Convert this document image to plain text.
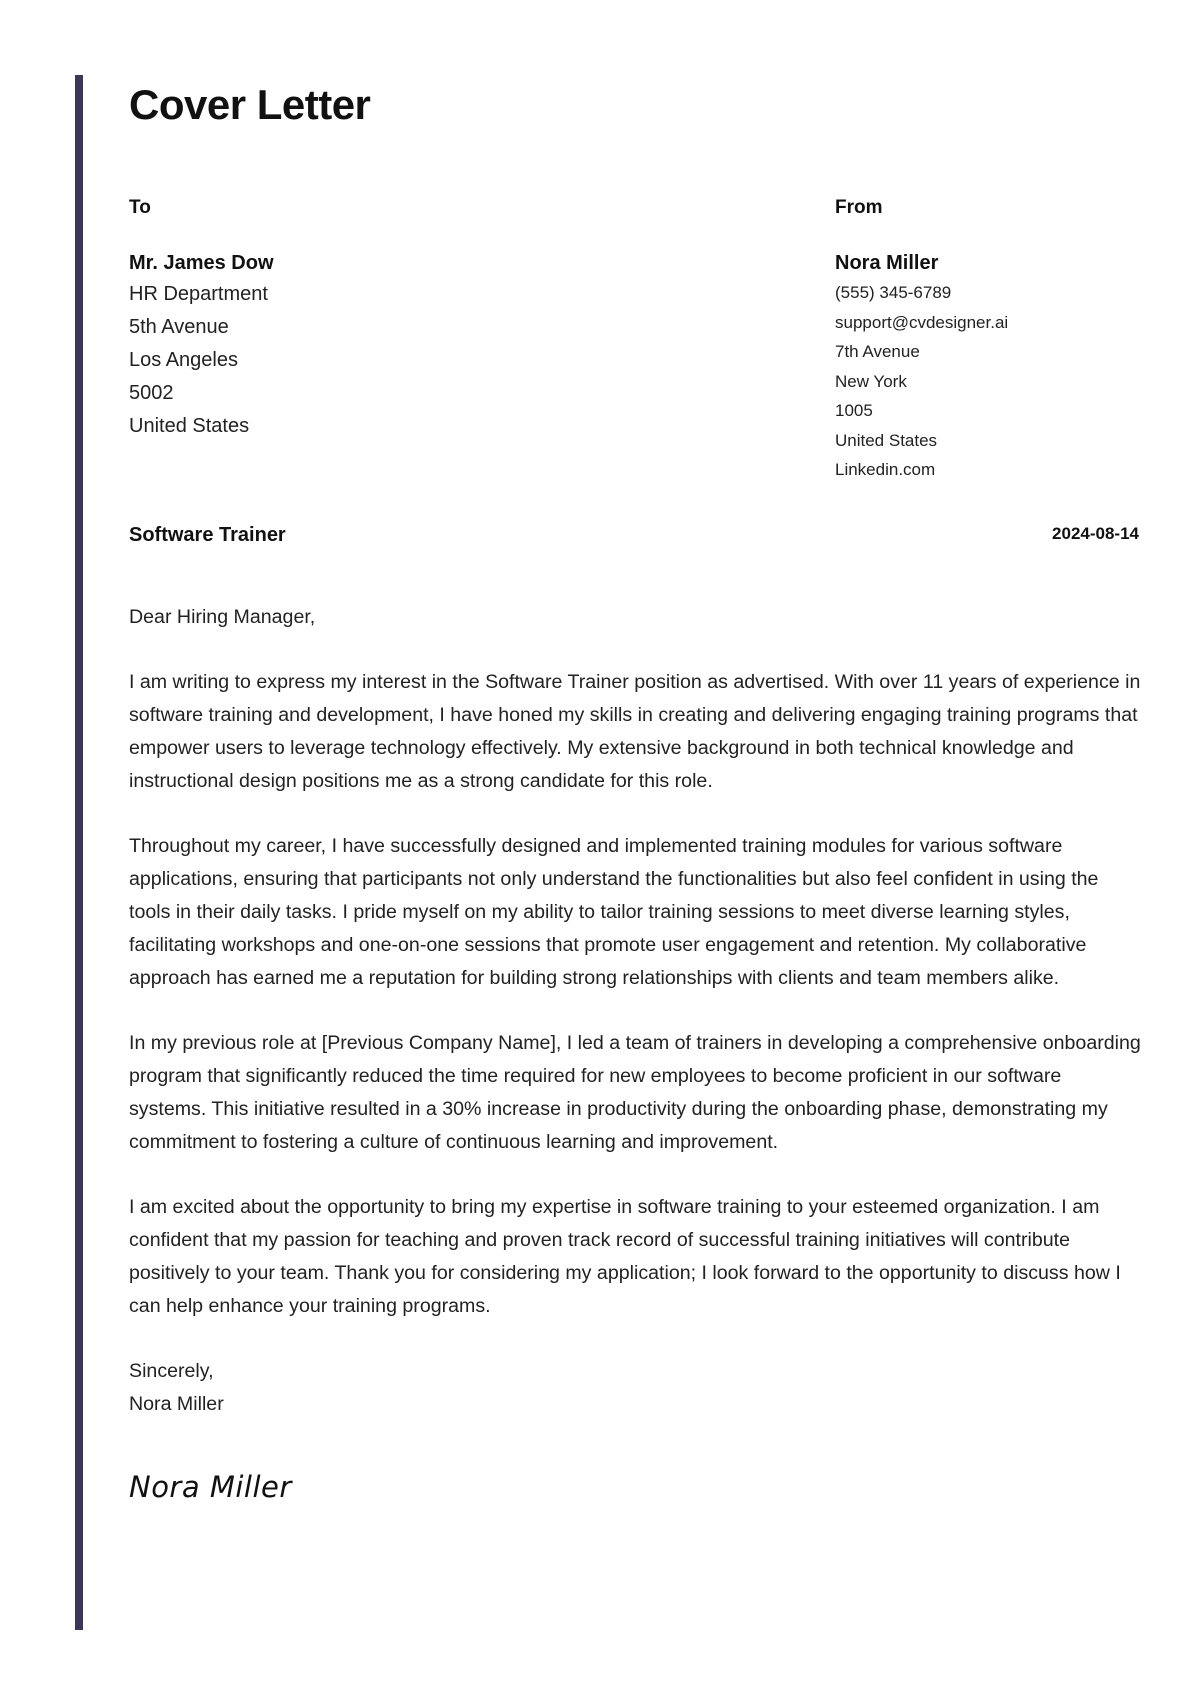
Cover Letter
To
Mr. James Dow
HR Department
5th Avenue
Los Angeles
5002
United States
From
Nora Miller
(555) 345-6789
support@cvdesigner.ai
7th Avenue
New York
1005
United States
Linkedin.com
Software Trainer	2024-08-14

Dear Hiring Manager,

I am writing to express my interest in the Software Trainer position as advertised. With over 11 years of experience in software training and development, I have honed my skills in creating and delivering engaging training programs that empower users to leverage technology effectively. My extensive background in both technical knowledge and instructional design positions me as a strong candidate for this role.

Throughout my career, I have successfully designed and implemented training modules for various software applications, ensuring that participants not only understand the functionalities but also feel confident in using the tools in their daily tasks. I pride myself on my ability to tailor training sessions to meet diverse learning styles, facilitating workshops and one-on-one sessions that promote user engagement and retention. My collaborative approach has earned me a reputation for building strong relationships with clients and team members alike.

In my previous role at [Previous Company Name], I led a team of trainers in developing a comprehensive onboarding program that significantly reduced the time required for new employees to become proficient in our software systems. This initiative resulted in a 30% increase in productivity during the onboarding phase, demonstrating my commitment to fostering a culture of continuous learning and improvement.

I am excited about the opportunity to bring my expertise in software training to your esteemed organization. I am confident that my passion for teaching and proven track record of successful training initiatives will contribute positively to your team. Thank you for considering my application; I look forward to the opportunity to discuss how I can help enhance your training programs.

Sincerely,

Nora Miller

Nora Miller
